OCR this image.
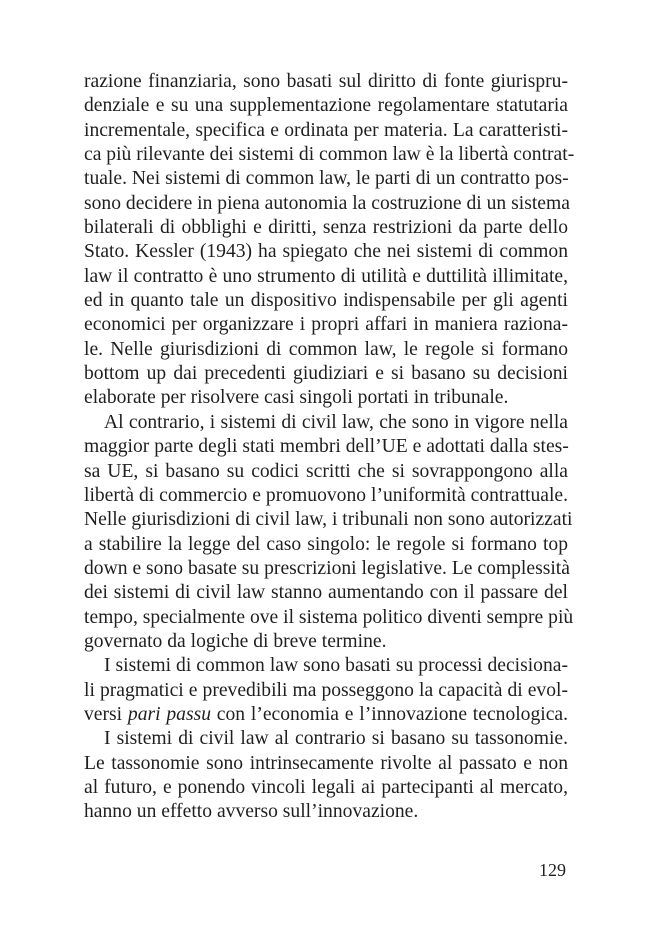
razione finanziaria, sono basati sul diritto di fonte giurispru-
denziale e su una supplementazione regolamentare statutaria
incrementale, specifica e ordinata per materia. La caratteristi-
ca più rilevante dei sistemi di common law è la libertà contrat-
tuale. Nei sistemi di common law, le parti di un contratto pos-
sono decidere in piena autonomia la costruzione di un sistema
bilaterali di obblighi e diritti, senza restrizioni da parte dello
Stato. Kessler (1943) ha spiegato che nei sistemi di common
law il contratto è uno strumento di utilità e duttilità illimitate,
ed in quanto tale un dispositivo indispensabile per gli agenti
economici per organizzare i propri affari in maniera raziona-
le. Nelle giurisdizioni di common law, le regole si formano
bottom up dai precedenti giudiziari e si basano su decisioni
elaborate per risolvere casi singoli portati in tribunale.
Al contrario, i sistemi di civil law, che sono in vigore nella
maggior parte degli stati membri dell’UE e adottati dalla stes-
sa UE, si basano su codici scritti che si sovrappongono alla
libertà di commercio e promuovono l’uniformità contrattuale.
Nelle giurisdizioni di civil law, i tribunali non sono autorizzati
a stabilire la legge del caso singolo: le regole si formano top
down e sono basate su prescrizioni legislative. Le complessità
dei sistemi di civil law stanno aumentando con il passare del
tempo, specialmente ove il sistema politico diventi sempre più
governato da logiche di breve termine.
I sistemi di common law sono basati su processi decisiona-
li pragmatici e prevedibili ma posseggono la capacità di evol-
versi pari passu con l’economia e l’innovazione tecnologica.
I sistemi di civil law al contrario si basano su tassonomie.
Le tassonomie sono intrinsecamente rivolte al passato e non
al futuro, e ponendo vincoli legali ai partecipanti al mercato,
hanno un effetto avverso sull’innovazione.
129
